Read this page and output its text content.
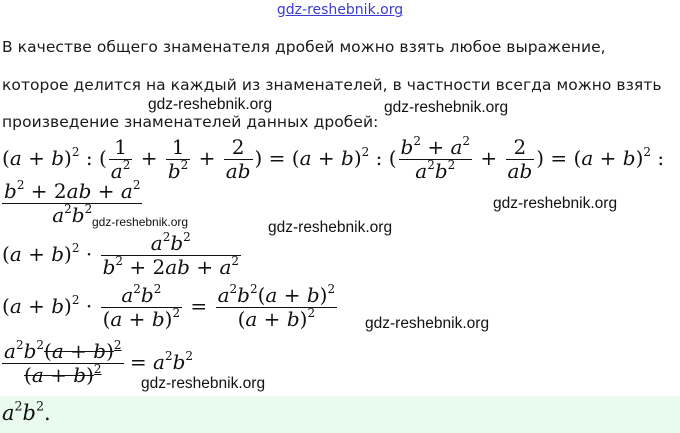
gdz-reshebnik.org
В качестве общего знаменателя дробей можно взять любое выражение,
которое делится на каждый из знаменателей, в частности всегда можно взять
произведение знаменателей данных дробей:
$(a + b)^2$ : ( $\frac{1}{a^2} + \frac{1}{b^2} + \frac{2}{ab}$ ) = $(a + b)^2$ : ( $\frac{b^2 + a^2}{a^2b^2} + \frac{2}{ab}$ ) = $(a + b)^2$ :
$\frac{b^2 + 2ab + a^2}{a^2b^2}$
$(a + b)^2 \cdot \frac{a^2b^2}{b^2 + 2ab + a^2}$
$(a + b)^2 \cdot \frac{a^2b^2}{(a + b)^2} = \frac{a^2b^2(a + b)^2}{(a + b)^2}$
$\frac{a^2b^2(a + b)^2}{(a + b)^2} = a^2b^2$
$a^2b^2$.
gdz-reshebnik.org	gdz-reshebnik.org
gdz-reshebnik.org
gdz-reshebnik.org	gdz-reshebnik.org
gdz-reshebnik.org
gdz-reshebnik.org
